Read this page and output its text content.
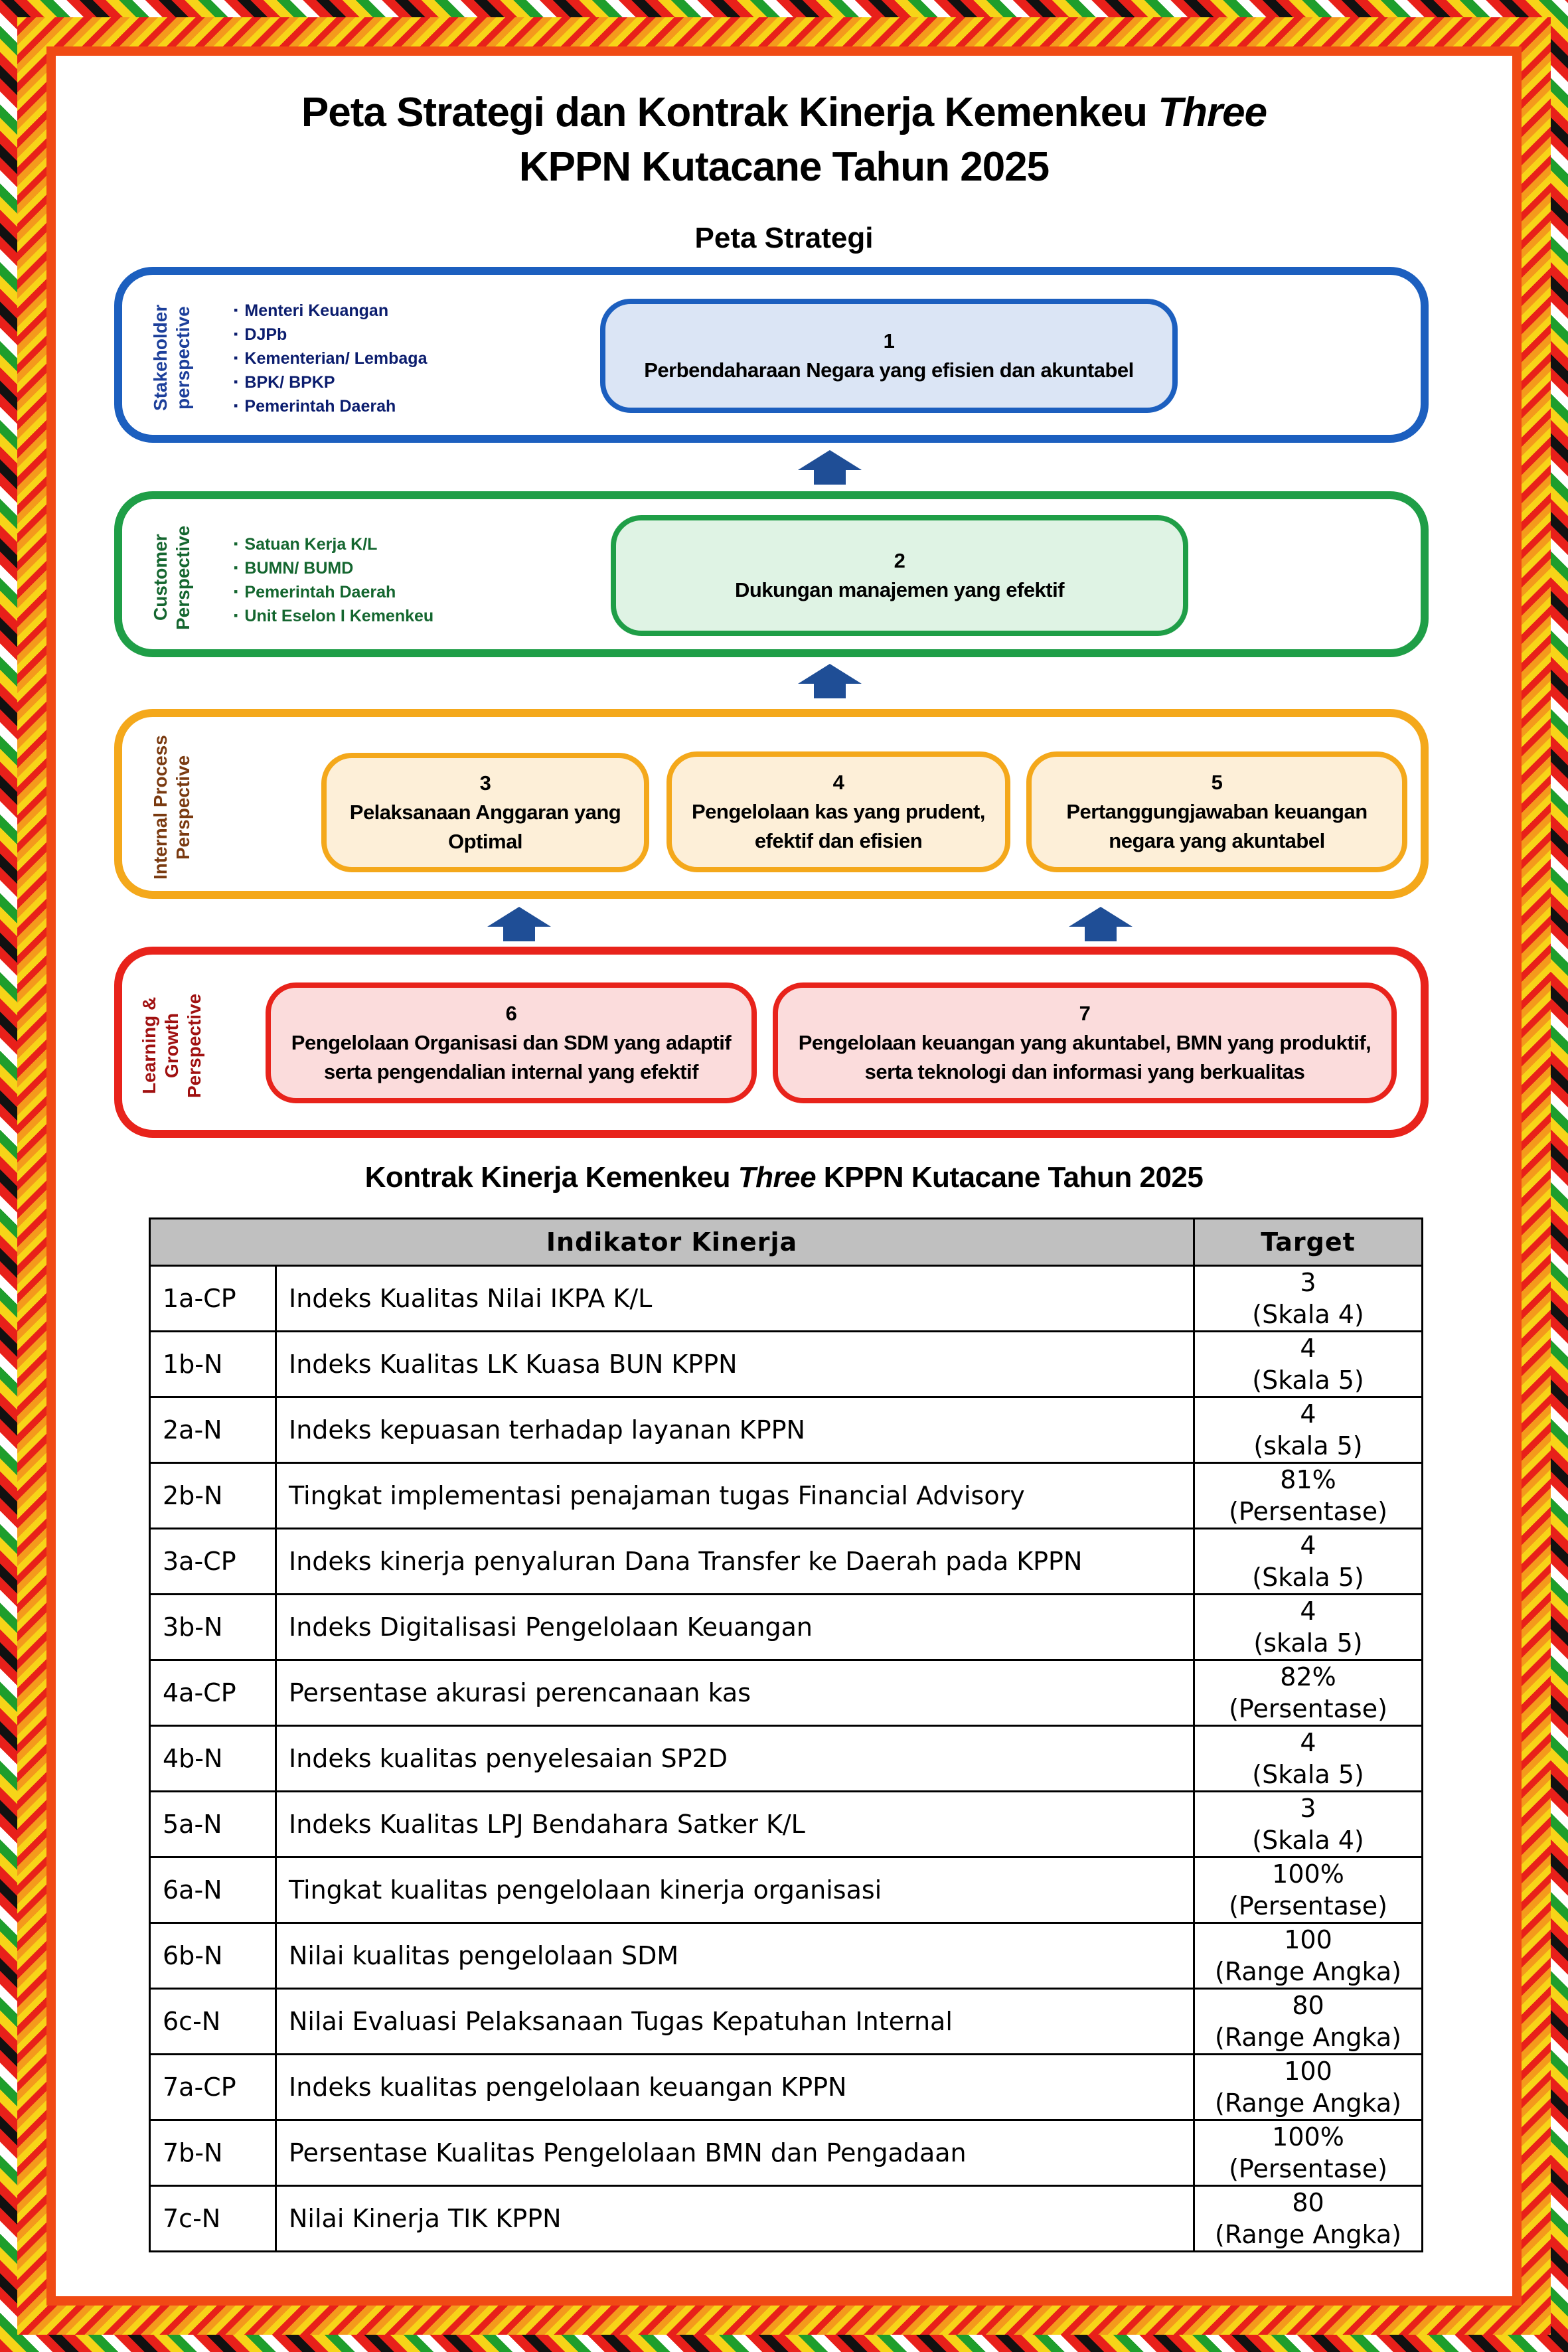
Peta Strategi dan Kontrak Kinerja Kemenkeu Three
KPPN Kutacane Tahun 2025
Peta Strategi
Stakeholder perspective	▪ Menteri Keuangan
▪ DJPb
▪ Kementerian/ Lembaga
▪ BPK/ BPKP
▪ Pemerintah Daerah
1
Perbendaharaan Negara yang efisien dan akuntabel
Customer Perspective	▪ Satuan Kerja K/L
▪ BUMN/ BUMD
▪ Pemerintah Daerah
▪ Unit Eselon I Kemenkeu
2
Dukungan manajemen yang efektif
Internal Process Perspective	3
Pelaksanaan Anggaran yang Optimal
4
Pengelolaan kas yang prudent, efektif dan efisien
5
Pertanggungjawaban keuangan negara yang akuntabel
Learning & Growth Perspective	6
Pengelolaan Organisasi dan SDM yang adaptif serta pengendalian internal yang efektif
7
Pengelolaan keuangan yang akuntabel, BMN yang produktif, serta teknologi dan informasi yang berkualitas
Kontrak Kinerja Kemenkeu Three KPPN Kutacane Tahun 2025
Indikator Kinerja		Target
1a-CP	Indeks Kualitas Nilai IKPA K/L	3
(Skala 4)

1b-N	Indeks Kualitas LK Kuasa BUN KPPN	4
(Skala 5)

2a-N	Indeks kepuasan terhadap layanan KPPN	4
(skala 5)

2b-N	Tingkat implementasi penajaman tugas Financial Advisory	81%
(Persentase)

3a-CP	Indeks kinerja penyaluran Dana Transfer ke Daerah pada KPPN	4
(Skala 5)

3b-N	Indeks Digitalisasi Pengelolaan Keuangan	4
(skala 5)

4a-CP	Persentase akurasi perencanaan kas	82%
(Persentase)

4b-N	Indeks kualitas penyelesaian SP2D	4
(Skala 5)

5a-N	Indeks Kualitas LPJ Bendahara Satker K/L	3
(Skala 4)

6a-N	Tingkat kualitas pengelolaan kinerja organisasi	100%
(Persentase)

6b-N	Nilai kualitas pengelolaan SDM	100
(Range Angka)

6c-N	Nilai Evaluasi Pelaksanaan Tugas Kepatuhan Internal	80
(Range Angka)

7a-CP	Indeks kualitas pengelolaan keuangan KPPN	100
(Range Angka)

7b-N	Persentase Kualitas Pengelolaan BMN dan Pengadaan	100%
(Persentase)

7c-N	Nilai Kinerja TIK KPPN	80
(Range Angka)
